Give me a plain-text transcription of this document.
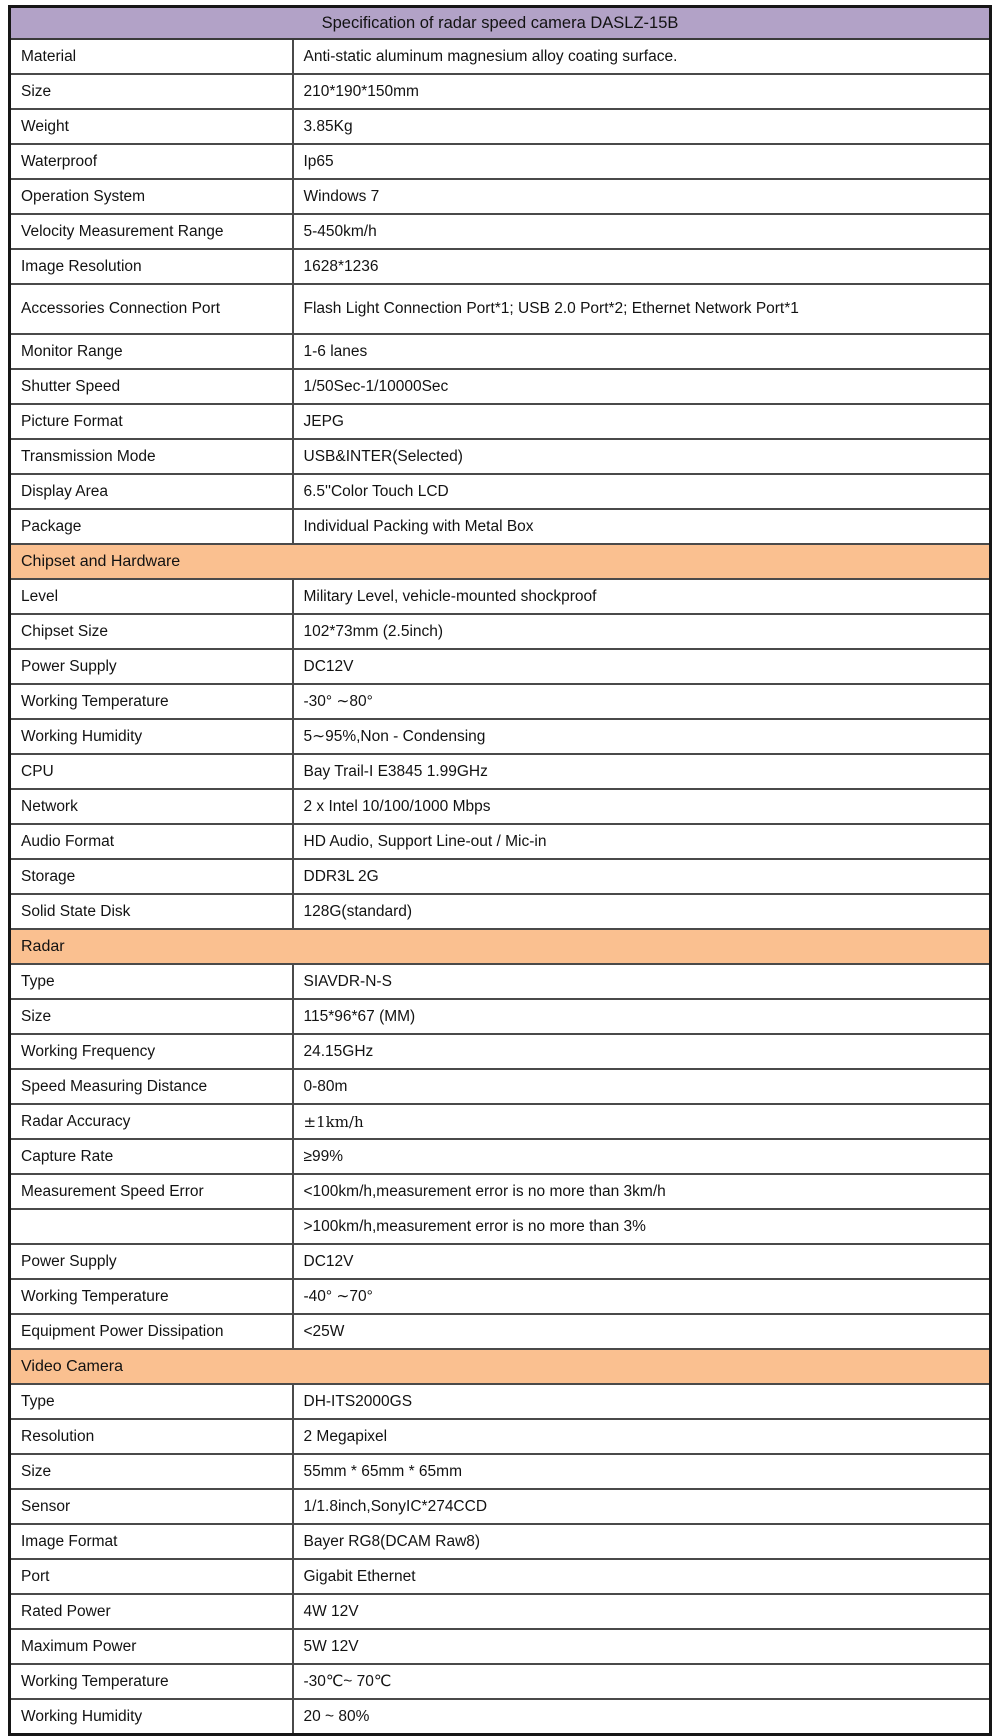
Specification of radar speed camera DASLZ-15B	
Material	Anti-static aluminum magnesium alloy coating surface.
Size	210*190*150mm
Weight	3.85Kg
Waterproof	Ip65
Operation System	Windows 7
Velocity Measurement Range	5-450km/h
Image Resolution	1628*1236
Accessories Connection Port	Flash Light Connection Port*1; USB 2.0 Port*2; Ethernet Network Port*1
Monitor Range	1-6 lanes
Shutter Speed	1/50Sec-1/10000Sec
Picture Format	JEPG
Transmission Mode	USB&INTER(Selected)
Display Area	6.5''Color Touch LCD
Package	Individual Packing with Metal Box
Chipset and Hardware	
Level	Military Level, vehicle-mounted shockproof
Chipset Size	102*73mm (2.5inch)
Power Supply	DC12V
Working Temperature	-30° ∼80°
Working Humidity	5∼95%,Non - Condensing
CPU	Bay Trail-I E3845 1.99GHz
Network	2 x Intel 10/100/1000 Mbps
Audio Format	HD Audio, Support Line-out / Mic-in
Storage	DDR3L 2G
Solid State Disk	128G(standard)
Radar	
Type	SIAVDR-N-S
Size	115*96*67 (MM)
Working Frequency	24.15GHz
Speed Measuring Distance	0-80m
Radar Accuracy	±1km/h
Capture Rate	≥99%
Measurement Speed Error	<100km/h,measurement error is no more than 3km/h
	>100km/h,measurement error is no more than 3%
Power Supply	DC12V
Working Temperature	-40° ∼70°
Equipment Power Dissipation	<25W
Video Camera	
Type	DH-ITS2000GS
Resolution	2 Megapixel
Size	55mm * 65mm * 65mm
Sensor	1/1.8inch,SonyIC*274CCD
Image Format	Bayer RG8(DCAM Raw8)
Port	Gigabit Ethernet
Rated Power	4W 12V
Maximum Power	5W 12V
Working Temperature	-30℃~ 70℃
Working Humidity	20 ~ 80%
